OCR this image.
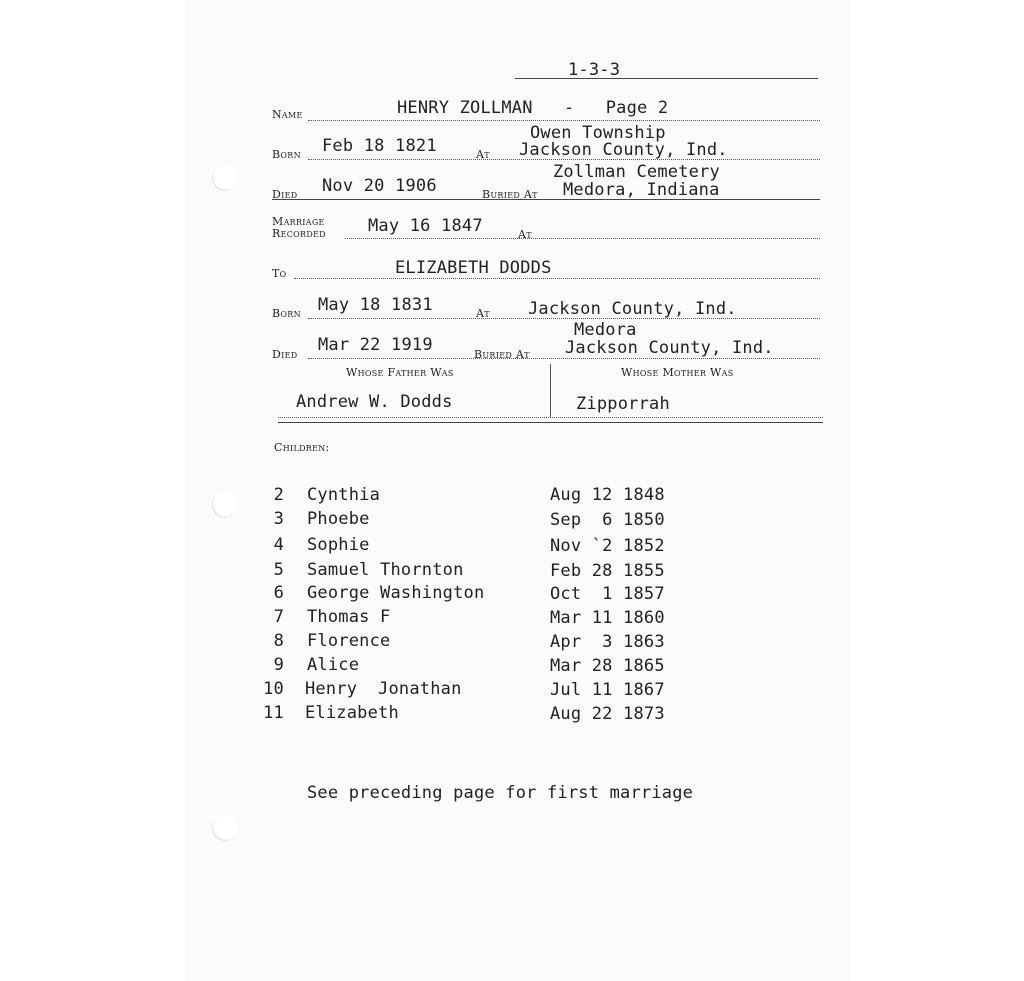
1-3-3
Name	HENRY ZOLLMAN   -   Page 2
Born Feb 18 1821	At
Owen Township
Jackson County, Ind.
Died Nov 20 1906	Buried At
Zollman Cemetery
Medora, Indiana
Marriage
Recorded May 16 1847	At
To	ELIZABETH DODDS
Born May 18 1831	At Jackson County, Ind.
Died Mar 22 1919	Buried At
Medora
Jackson County, Ind.
Whose Father Was	Whose Mother Was
Andrew W. Dodds	Zipporrah
Children:
2 Cynthia	Aug 12 1848
3 Phoebe	Sep  6 1850
4 Sophie	Nov `2 1852
5 Samuel Thornton	Feb 28 1855
6 George Washington	Oct  1 1857
7 Thomas F	Mar 11 1860
8 Florence	Apr  3 1863
9 Alice	Mar 28 1865
10 Henry  Jonathan	Jul 11 1867
11 Elizabeth	Aug 22 1873
See preceding page for first marriage
